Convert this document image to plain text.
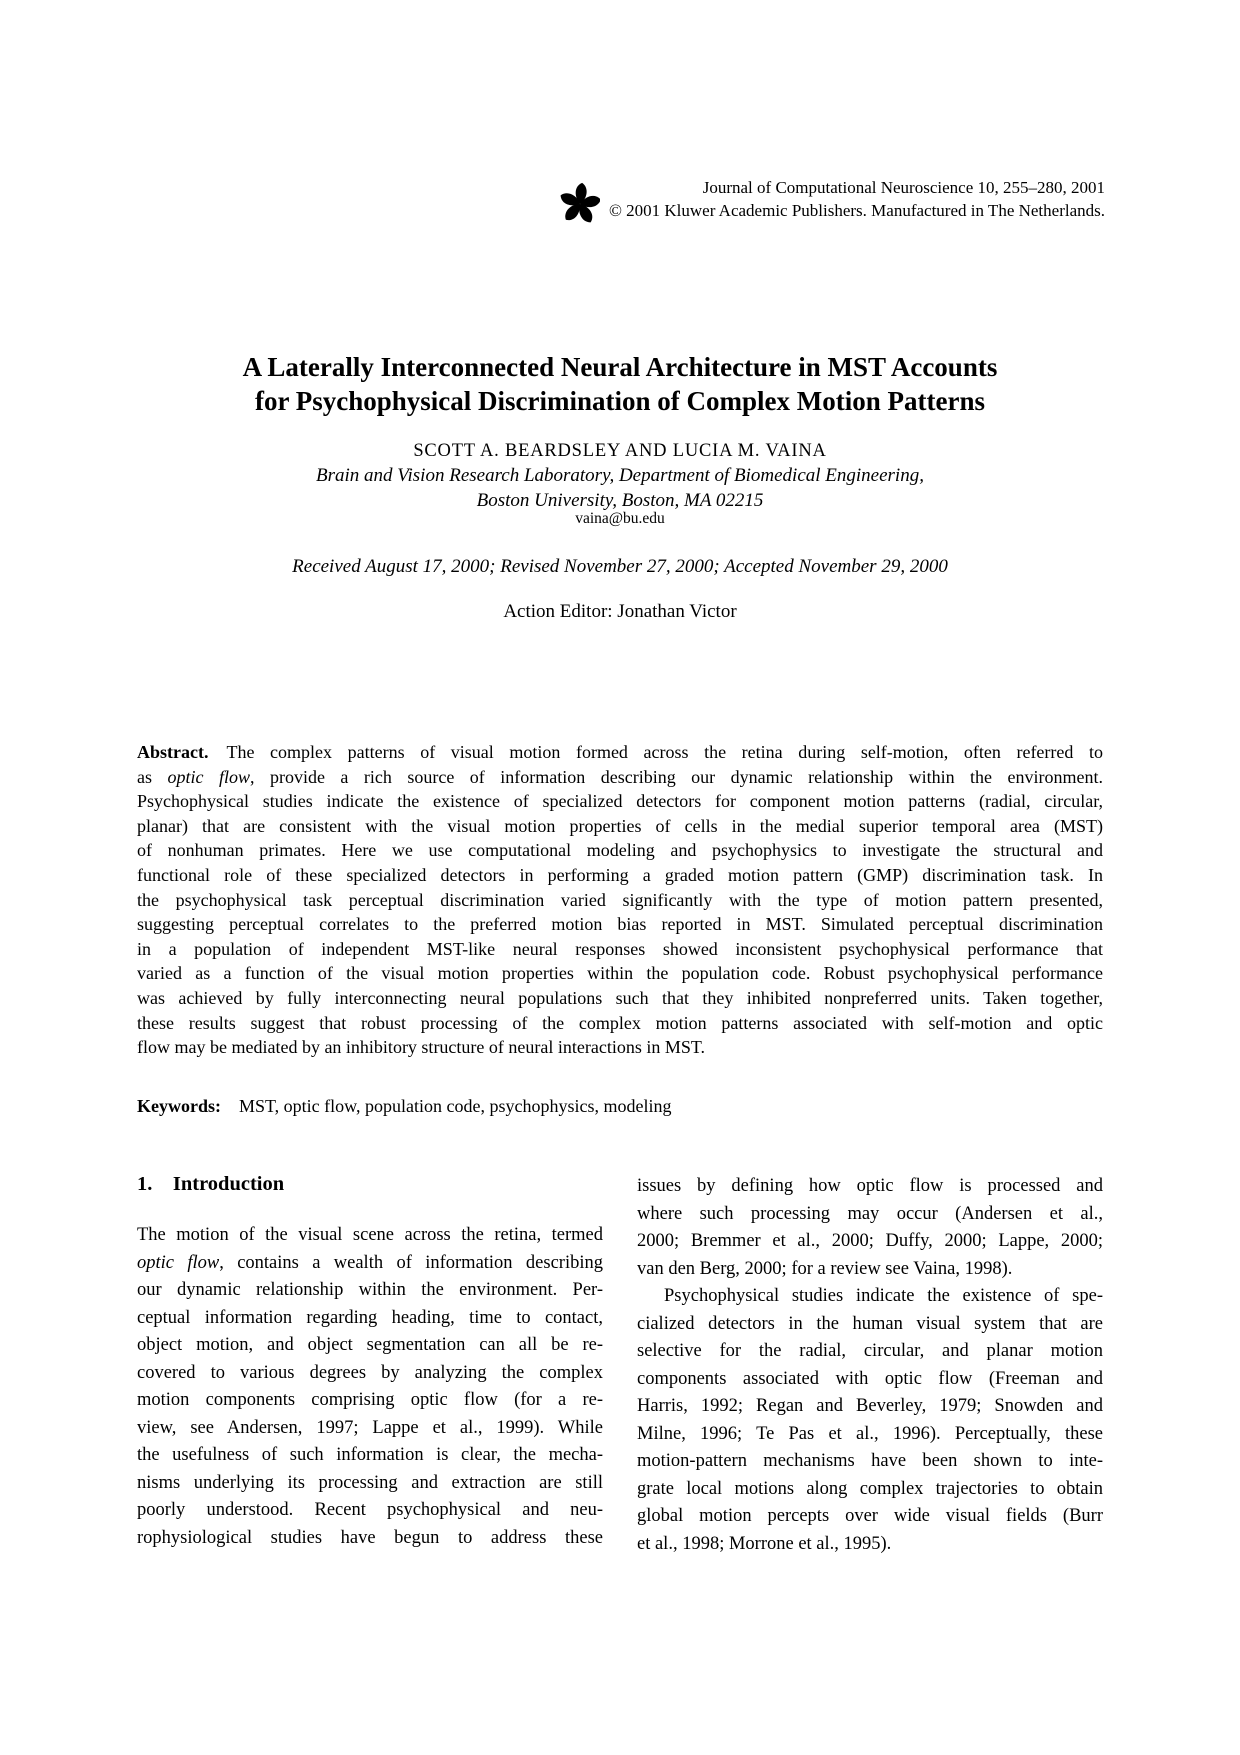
Journal of Computational Neuroscience 10, 255–280, 2001
© 2001 Kluwer Academic Publishers. Manufactured in The Netherlands.
A Laterally Interconnected Neural Architecture in MST Accounts
for Psychophysical Discrimination of Complex Motion Patterns
SCOTT A. BEARDSLEY AND LUCIA M. VAINA
Brain and Vision Research Laboratory, Department of Biomedical Engineering,
Boston University, Boston, MA 02215
vaina@bu.edu
Received August 17, 2000; Revised November 27, 2000; Accepted November 29, 2000
Action Editor: Jonathan Victor
Abstract. The complex patterns of visual motion formed across the retina during self-motion, often referred to
as optic flow, provide a rich source of information describing our dynamic relationship within the environment.
Psychophysical studies indicate the existence of specialized detectors for component motion patterns (radial, circular,
planar) that are consistent with the visual motion properties of cells in the medial superior temporal area (MST)
of nonhuman primates. Here we use computational modeling and psychophysics to investigate the structural and
functional role of these specialized detectors in performing a graded motion pattern (GMP) discrimination task. In
the psychophysical task perceptual discrimination varied significantly with the type of motion pattern presented,
suggesting perceptual correlates to the preferred motion bias reported in MST. Simulated perceptual discrimination
in a population of independent MST-like neural responses showed inconsistent psychophysical performance that
varied as a function of the visual motion properties within the population code. Robust psychophysical performance
was achieved by fully interconnecting neural populations such that they inhibited nonpreferred units. Taken together,
these results suggest that robust processing of the complex motion patterns associated with self-motion and optic
flow may be mediated by an inhibitory structure of neural interactions in MST.
Keywords: MST, optic flow, population code, psychophysics, modeling
1. Introduction
The motion of the visual scene across the retina, termed
optic flow, contains a wealth of information describing
our dynamic relationship within the environment. Per-
ceptual information regarding heading, time to contact,
object motion, and object segmentation can all be re-
covered to various degrees by analyzing the complex
motion components comprising optic flow (for a re-
view, see Andersen, 1997; Lappe et al., 1999). While
the usefulness of such information is clear, the mecha-
nisms underlying its processing and extraction are still
poorly understood. Recent psychophysical and neu-
rophysiological studies have begun to address these
issues by defining how optic flow is processed and
where such processing may occur (Andersen et al.,
2000; Bremmer et al., 2000; Duffy, 2000; Lappe, 2000;
van den Berg, 2000; for a review see Vaina, 1998).
Psychophysical studies indicate the existence of spe-
cialized detectors in the human visual system that are
selective for the radial, circular, and planar motion
components associated with optic flow (Freeman and
Harris, 1992; Regan and Beverley, 1979; Snowden and
Milne, 1996; Te Pas et al., 1996). Perceptually, these
motion-pattern mechanisms have been shown to inte-
grate local motions along complex trajectories to obtain
global motion percepts over wide visual fields (Burr
et al., 1998; Morrone et al., 1995).
